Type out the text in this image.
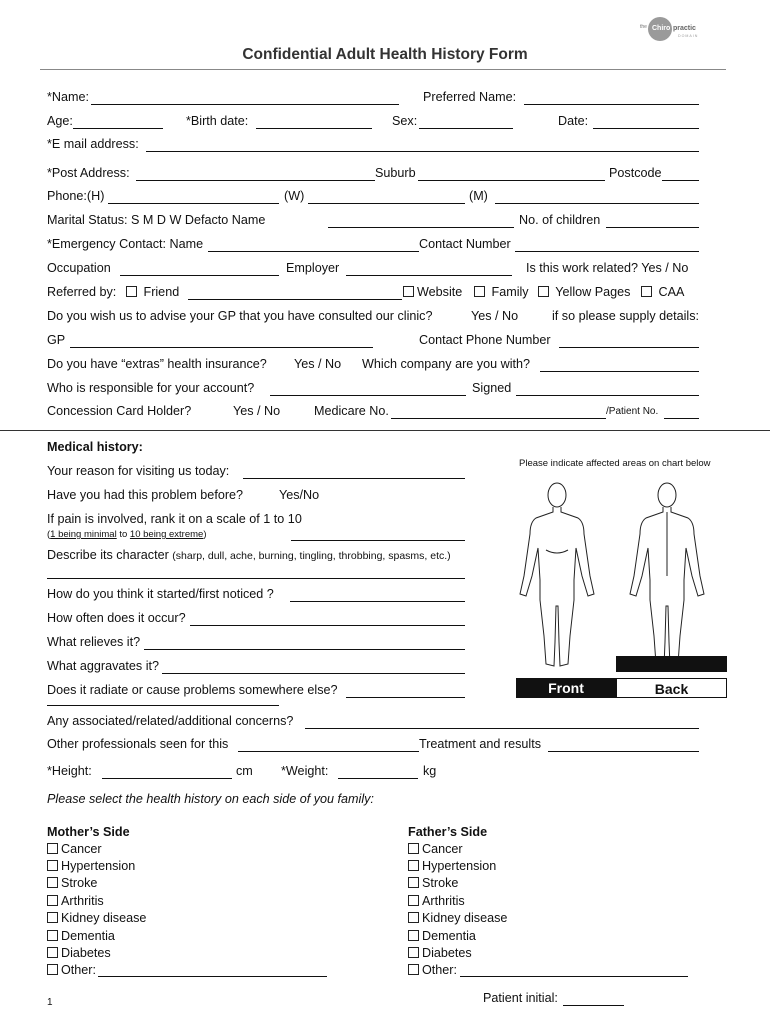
the Chiro practic
DOMAIN
Confidential Adult Health History Form
*Name:	Preferred Name:
Age:	*Birth date:	Sex:	Date:
*E mail address:
*Post Address:	Suburb	Postcode
Phone:(H)	(W)	(M)
Marital Status: S M D W Defacto Name	No. of children
*Emergency Contact: Name	Contact Number
Occupation	Employer	Is this work related? Yes / No
Referred by:	Friend	Website	Family	Yellow Pages	CAA
Do you wish us to advise your GP that you have consulted our clinic?	Yes / No	if so please supply details:
GP	Contact Phone Number
Do you have “extras” health insurance? Yes / No Which company are you with?
Who is responsible for your account?	Signed
Concession Card Holder?	Yes / No	Medicare No.	/Patient No.
Medical history:
Please indicate affected areas on chart below
Your reason for visiting us today:
Have you had this problem before?	Yes/No
If pain is involved, rank it on a scale of 1 to 10
(1 being minimal to 10 being extreme)
Describe its character (sharp, dull, ache, burning, tingling, throbbing, spasms, etc.)
How do you think it started/first noticed ?
How often does it occur?
What relieves it?
What aggravates it?
Does it radiate or cause problems somewhere else?	Front	Back
Any associated/related/additional concerns?
Other professionals seen for this	Treatment and results
*Height:	cm *Weight:	kg
Please select the health history on each side of you family:
Mother’s Side
Cancer
Hypertension
Stroke
Arthritis
Kidney disease
Dementia
Diabetes
Other:
Father’s Side
Cancer
Hypertension
Stroke
Arthritis
Kidney disease
Dementia
Diabetes
Other:
1	Patient initial:
